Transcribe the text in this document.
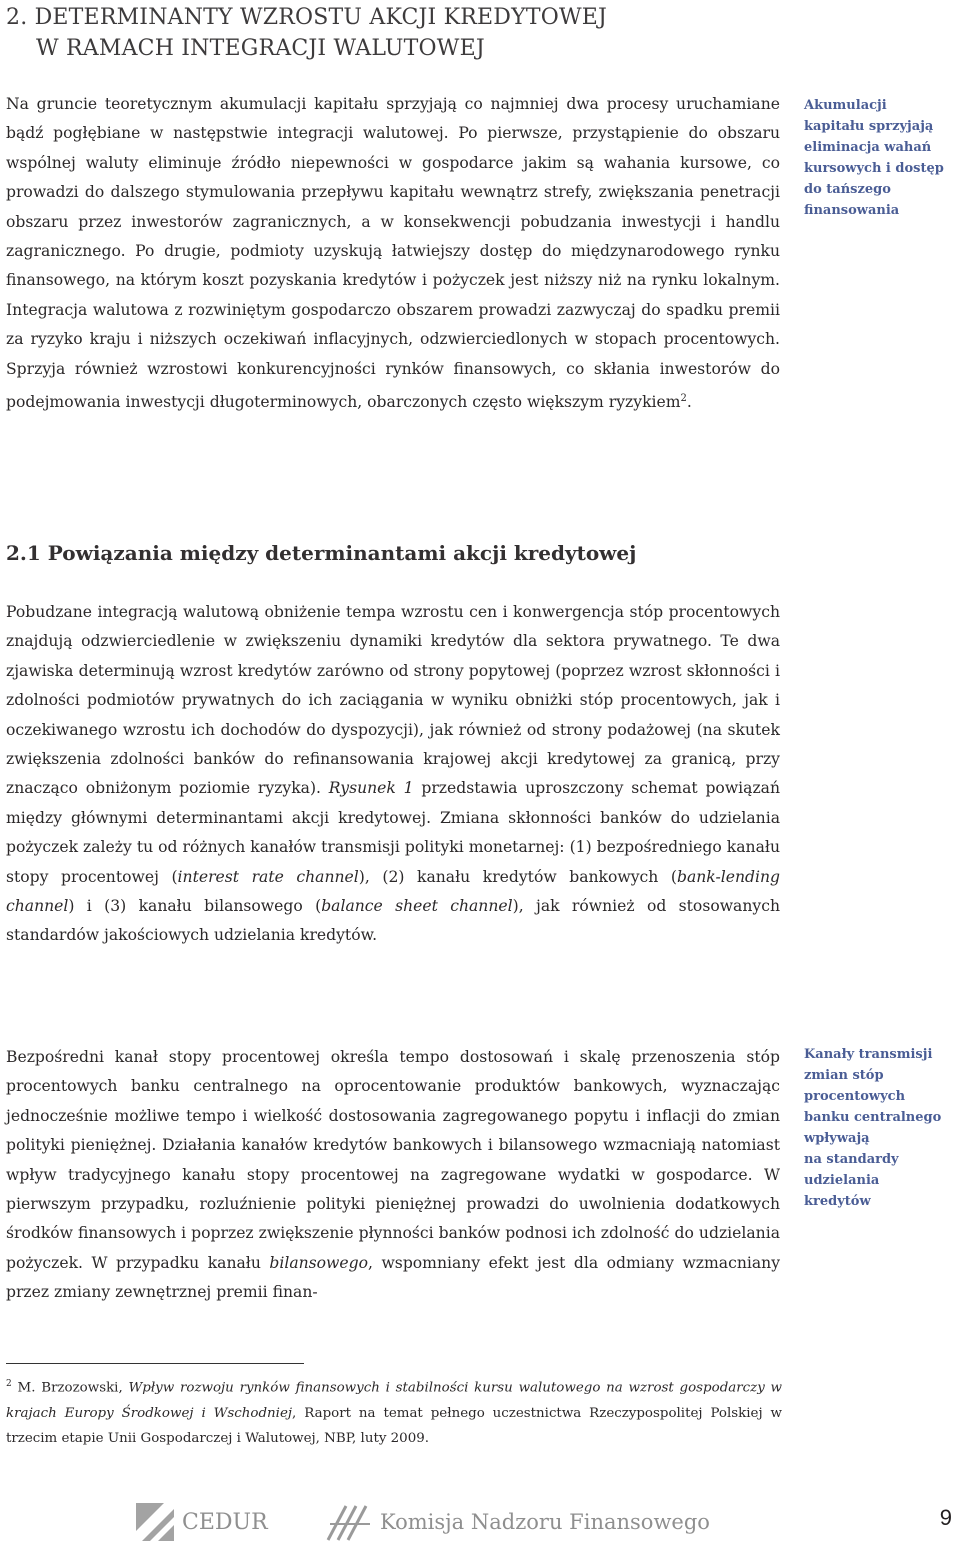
2. DETERMINANTY WZROSTU AKCJI KREDYTOWEJ
W RAMACH INTEGRACJI WALUTOWEJ
Na gruncie teoretycznym akumulacji kapitału sprzyjają co najmniej dwa procesy uruchamiane bądź pogłębiane w następstwie integracji walutowej. Po pierwsze, przystąpienie do obszaru wspólnej waluty eliminuje źródło niepewności w gospodarce jakim są wahania kursowe, co prowadzi do dalszego stymulowania przepływu kapitału wewnątrz strefy, zwiększania penetracji obszaru przez inwestorów zagranicznych, a w konsekwencji pobudzania inwestycji i handlu zagranicznego. Po drugie, podmioty uzyskują łatwiejszy dostęp do międzynarodowego rynku finansowego, na którym koszt pozyskania kredytów i pożyczek jest niższy niż na rynku lokalnym. Integracja walutowa z rozwiniętym gospodarczo obszarem prowadzi zazwyczaj do spadku premii za ryzyko kraju i niższych oczekiwań inflacyjnych, odzwierciedlonych w stopach procentowych. Sprzyja również wzrostowi konkurencyjności rynków finansowych, co skłania inwestorów do podejmowania inwestycji długoterminowych, obarczonych często większym ryzykiem$^2$.
Akumulacji
kapitału sprzyjają
eliminacja wahań
kursowych i dostęp
do tańszego
finansowania
2.1 Powiązania między determinantami akcji kredytowej
Pobudzane integracją walutową obniżenie tempa wzrostu cen i konwergencja stóp procentowych znajdują odzwierciedlenie w zwiększeniu dynamiki kredytów dla sektora prywatnego. Te dwa zjawiska determinują wzrost kredytów zarówno od strony popytowej (poprzez wzrost skłonności i zdolności podmiotów prywatnych do ich zaciągania w wyniku obniżki stóp procentowych, jak i oczekiwanego wzrostu ich dochodów do dyspozycji), jak również od strony podażowej (na skutek zwiększenia zdolności banków do refinansowania krajowej akcji kredytowej za granicą, przy znacząco obniżonym poziomie ryzyka). Rysunek 1 przedstawia uproszczony schemat powiązań między głównymi determinantami akcji kredytowej. Zmiana skłonności banków do udzielania pożyczek zależy tu od różnych kanałów transmisji polityki monetarnej: (1) bezpośredniego kanału stopy procentowej (interest rate channel), (2) kanału kredytów bankowych (bank-lending channel) i (3) kanału bilansowego (balance sheet channel), jak również od stosowanych standardów jakościowych udzielania kredytów.
Bezpośredni kanał stopy procentowej określa tempo dostosowań i skalę przenoszenia stóp procentowych banku centralnego na oprocentowanie produktów bankowych, wyznaczając jednocześnie możliwe tempo i wielkość dostosowania zagregowanego popytu i inflacji do zmian polityki pieniężnej. Działania kanałów kredytów bankowych i bilansowego wzmacniają natomiast wpływ tradycyjnego kanału stopy procentowej na zagregowane wydatki w gospodarce. W pierwszym przypadku, rozluźnienie polityki pieniężnej prowadzi do uwolnienia dodatkowych środków finansowych i poprzez zwiększenie płynności banków podnosi ich zdolność do udzielania pożyczek. W przypadku kanału bilansowego, wspomniany efekt jest dla odmiany wzmacniany przez zmiany zewnętrznej premii finan-
Kanały transmisji
zmian stóp
procentowych
banku centralnego
wpływają
na standardy
udzielania
kredytów
$^2$ M. Brzozowski, Wpływ rozwoju rynków finansowych i stabilności kursu walutowego na wzrost gospodarczy w krajach Europy Środkowej i Wschodniej, Raport na temat pełnego uczestnictwa Rzeczypospolitej Polskiej w trzecim etapie Unii Gospodarczej i Walutowej, NBP, luty 2009.
CEDUR	Komisja Nadzoru Finansowego	9
